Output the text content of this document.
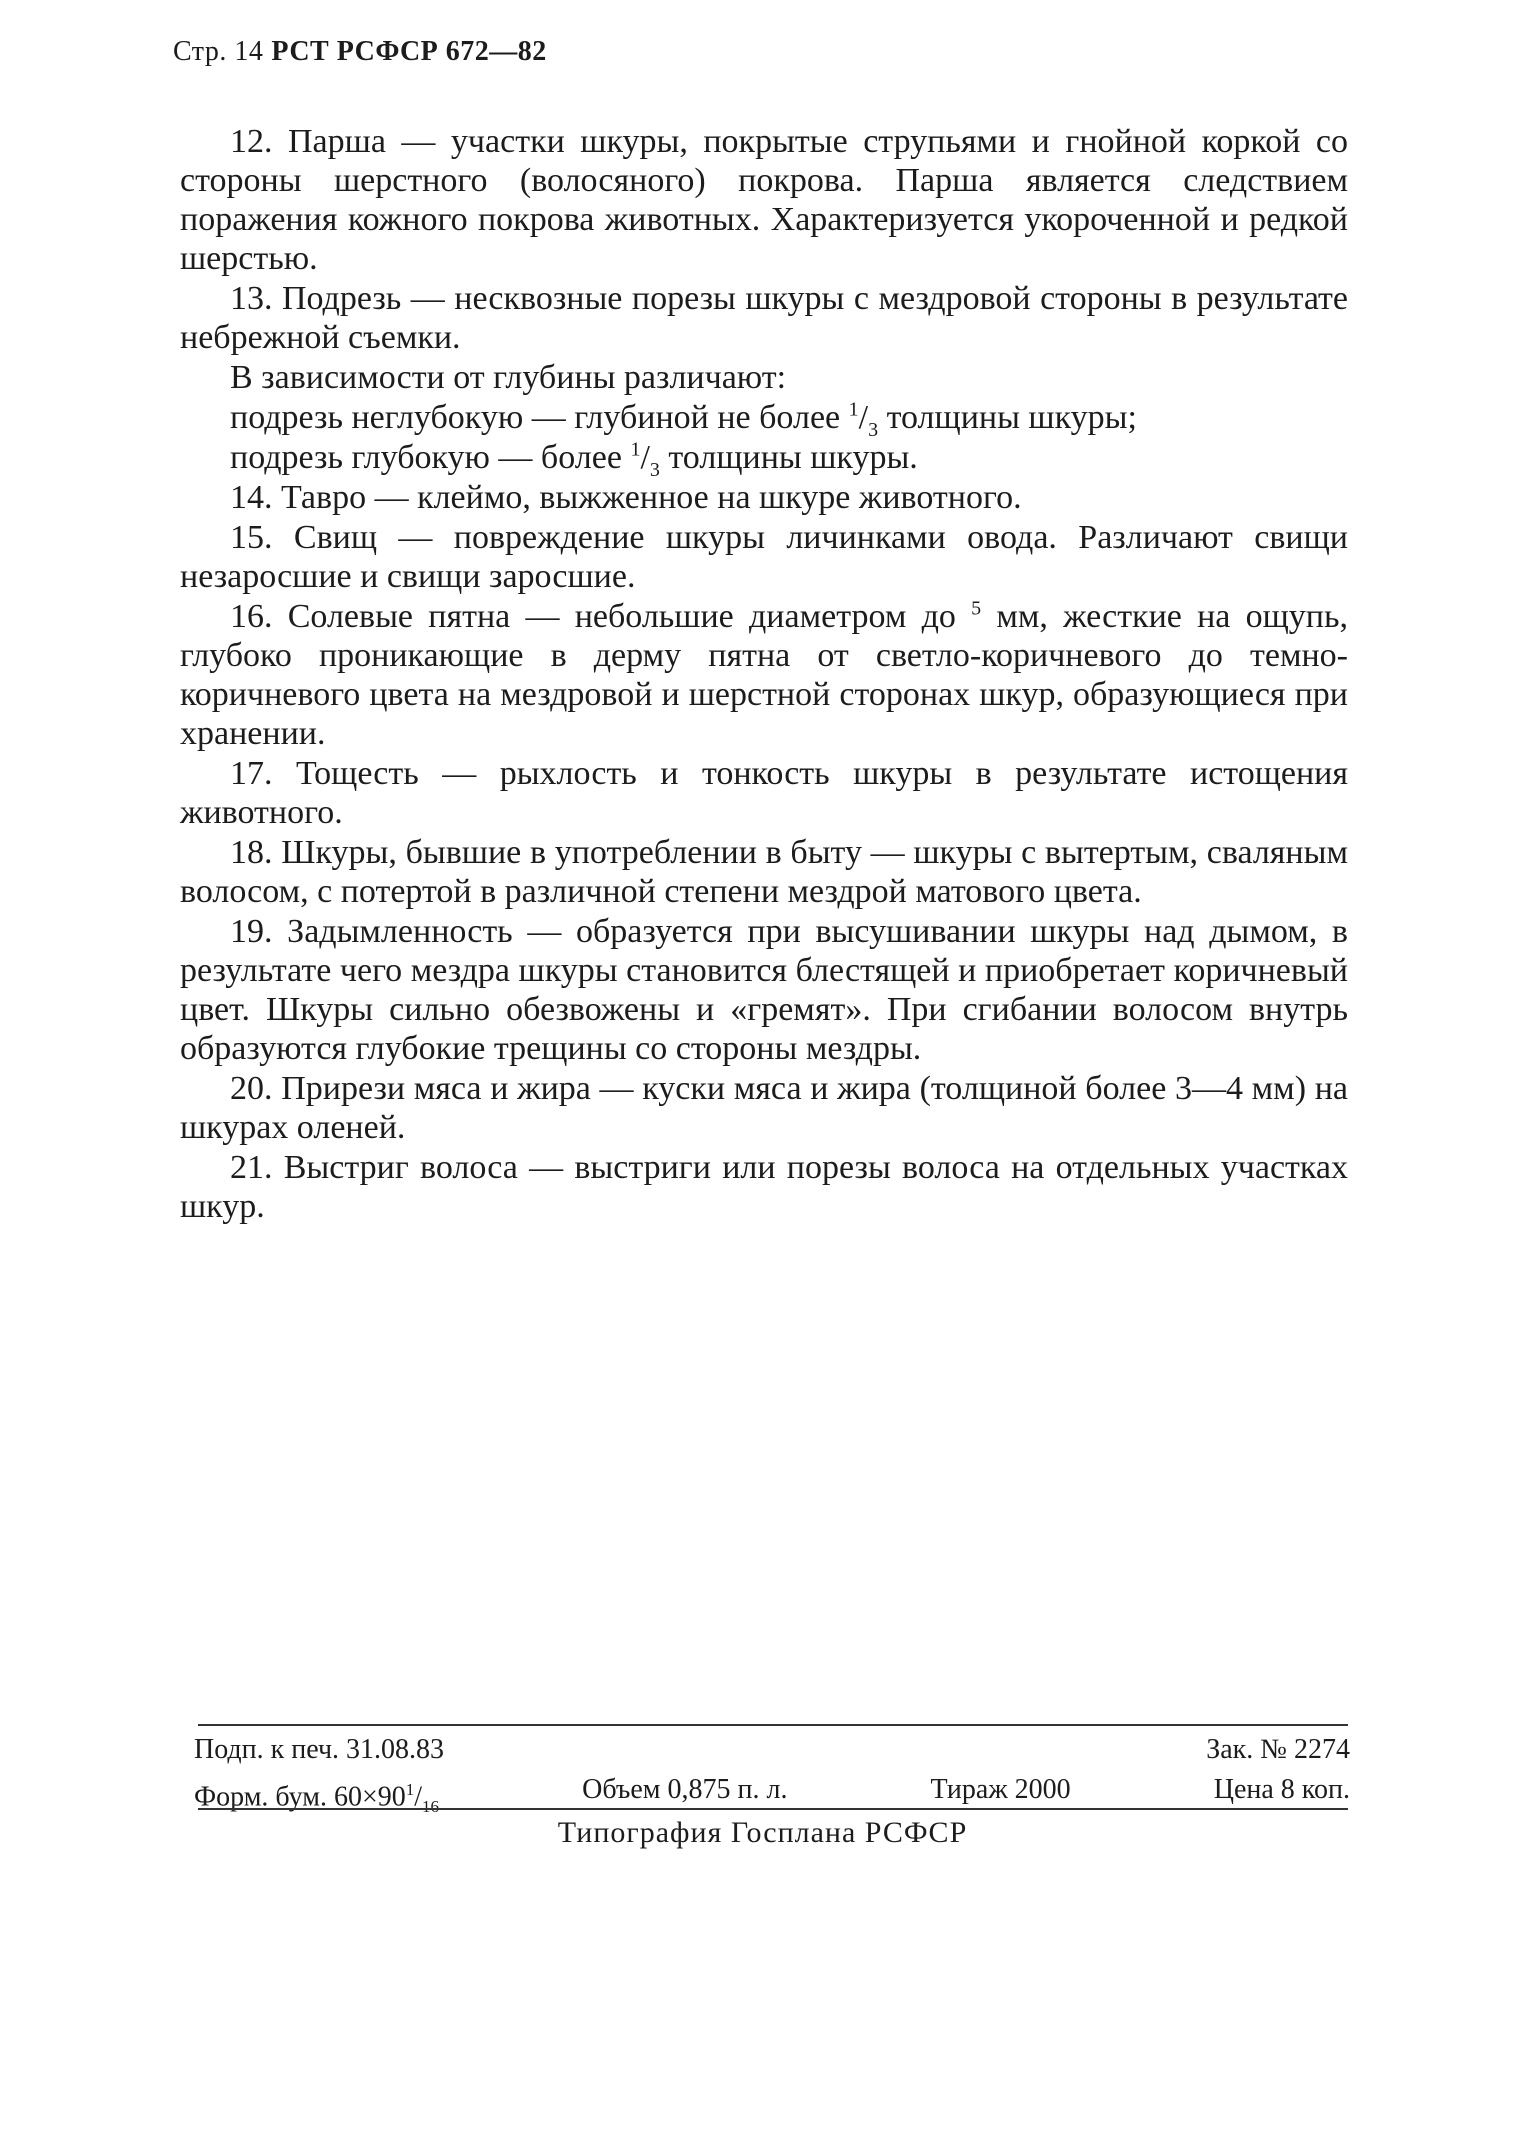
Стр. 14 РСТ РСФСР 672—82

12. Парша — участки шкуры, покрытые струпьями и гнойной коркой со стороны шерстного (волосяного) покрова. Парша является следствием поражения кожного покрова животных. Характеризуется укороченной и редкой шерстью.

13. Подрезь — несквозные порезы шкуры с мездровой стороны в результате небрежной съемки.

В зависимости от глубины различают:

подрезь неглубокую — глубиной не более $^1/_3$ толщины шкуры;

подрезь глубокую — более $^1/_3$ толщины шкуры.

14. Тавро — клеймо, выжженное на шкуре животного.

15. Свищ — повреждение шкуры личинками овода. Различают свищи незаросшие и свищи заросшие.

16. Солевые пятна — небольшие диаметром до $^5$ мм, жесткие на ощупь, глубоко проникающие в дерму пятна от светло-коричневого до темно-коричневого цвета на мездровой и шерстной сторонах шкур, образующиеся при хранении.

17. Тощесть — рыхлость и тонкость шкуры в результате истощения животного.

18. Шкуры, бывшие в употреблении в быту — шкуры с вытертым, сваляным волосом, с потертой в различной степени мездрой матового цвета.

19. Задымленность — образуется при высушивании шкуры над дымом, в результате чего мездра шкуры становится блестящей и приобретает коричневый цвет. Шкуры сильно обезвожены и «гремят». При сгибании волосом внутрь образуются глубокие трещины со стороны мездры.

20. Прирези мяса и жира — куски мяса и жира (толщиной более 3—4 мм) на шкурах оленей.

21. Выстриг волоса — выстриги или порезы волоса на отдельных участках шкур.

Подп. к печ. 31.08.83	Зак. № 2274
Форм. бум. $60\times 90^1/_{16}$
Объем 0,875 п. л.	Тираж 2000	Цена 8 коп.
Типография Госплана РСФСР
